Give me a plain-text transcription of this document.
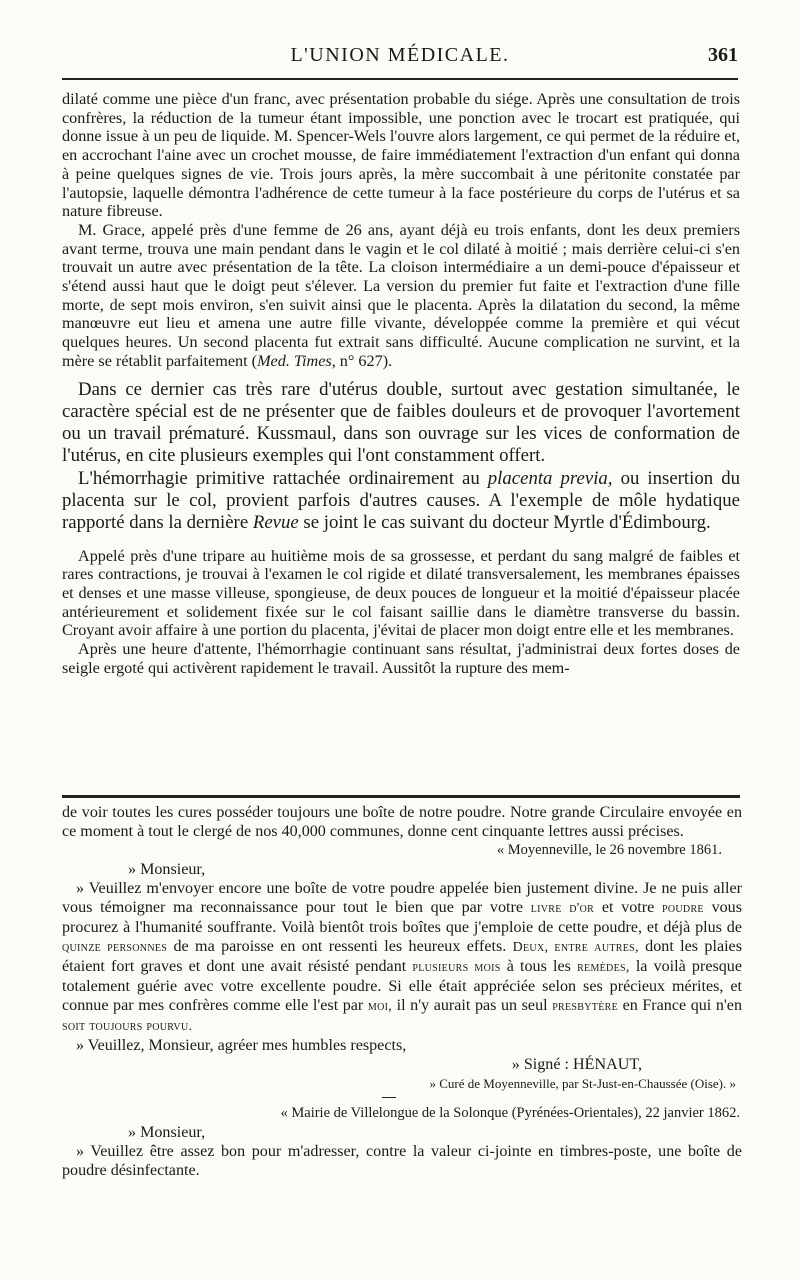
L'UNION MÉDICALE.	361

dilaté comme une pièce d'un franc, avec présentation probable du siége. Après une consultation de trois confrères, la réduction de la tumeur étant impossible, une ponction avec le trocart est pratiquée, qui donne issue à un peu de liquide. M. Spencer-Wels l'ouvre alors largement, ce qui permet de la réduire et, en accrochant l'aine avec un crochet mousse, de faire immédiatement l'extraction d'un enfant qui donna à peine quelques signes de vie. Trois jours après, la mère succombait à une péritonite constatée par l'autopsie, laquelle démontra l'adhérence de cette tumeur à la face postérieure du corps de l'utérus et sa nature fibreuse.

M. Grace, appelé près d'une femme de 26 ans, ayant déjà eu trois enfants, dont les deux premiers avant terme, trouva une main pendant dans le vagin et le col dilaté à moitié ; mais derrière celui-ci s'en trouvait un autre avec présentation de la tête. La cloison intermédiaire a un demi-pouce d'épaisseur et s'étend aussi haut que le doigt peut s'élever. La version du premier fut faite et l'extraction d'une fille morte, de sept mois environ, s'en suivit ainsi que le placenta. Après la dilatation du second, la même manœuvre eut lieu et amena une autre fille vivante, développée comme la première et qui vécut quelques heures. Un second placenta fut extrait sans difficulté. Aucune complication ne survint, et la mère se rétablit parfaitement (Med. Times, n° 627).

Dans ce dernier cas très rare d'utérus double, surtout avec gestation simultanée, le caractère spécial est de ne présenter que de faibles douleurs et de provoquer l'avortement ou un travail prématuré. Kussmaul, dans son ouvrage sur les vices de conformation de l'utérus, en cite plusieurs exemples qui l'ont constamment offert.

L'hémorrhagie primitive rattachée ordinairement au placenta previa, ou insertion du placenta sur le col, provient parfois d'autres causes. A l'exemple de môle hydatique rapporté dans la dernière Revue se joint le cas suivant du docteur Myrtle d'Édimbourg.

Appelé près d'une tripare au huitième mois de sa grossesse, et perdant du sang malgré de faibles et rares contractions, je trouvai à l'examen le col rigide et dilaté transversalement, les membranes épaisses et denses et une masse villeuse, spongieuse, de deux pouces de longueur et la moitié d'épaisseur placée antérieurement et solidement fixée sur le col faisant saillie dans le diamètre transverse du bassin. Croyant avoir affaire à une portion du placenta, j'évitai de placer mon doigt entre elle et les membranes.

Après une heure d'attente, l'hémorrhagie continuant sans résultat, j'administrai deux fortes doses de seigle ergoté qui activèrent rapidement le travail. Aussitôt la rupture des mem-

de voir toutes les cures posséder toujours une boîte de notre poudre. Notre grande Circulaire envoyée en ce moment à tout le clergé de nos 40,000 communes, donne cent cinquante lettres aussi précises.

« Moyenneville, le 26 novembre 1861.

» Monsieur,

» Veuillez m'envoyer encore une boîte de votre poudre appelée bien justement divine. Je ne puis aller vous témoigner ma reconnaissance pour tout le bien que par votre livre d'or et votre poudre vous procurez à l'humanité souffrante. Voilà bientôt trois boîtes que j'emploie de cette poudre, et déjà plus de quinze personnes de ma paroisse en ont ressenti les heureux effets. Deux, entre autres, dont les plaies étaient fort graves et dont une avait résisté pendant plusieurs mois à tous les remèdes, la voilà presque totalement guérie avec votre excellente poudre. Si elle était appréciée selon ses précieux mérites, et connue par mes confrères comme elle l'est par moi, il n'y aurait pas un seul presbytère en France qui n'en soit toujours pourvu.

» Veuillez, Monsieur, agréer mes humbles respects,

» Signé : HÉNAUT,

» Curé de Moyenneville, par St-Just-en-Chaussée (Oise). »

« Mairie de Villelongue de la Solonque (Pyrénées-Orientales), 22 janvier 1862.

» Monsieur,

» Veuillez être assez bon pour m'adresser, contre la valeur ci-jointe en timbres-poste, une boîte de poudre désinfectante.
